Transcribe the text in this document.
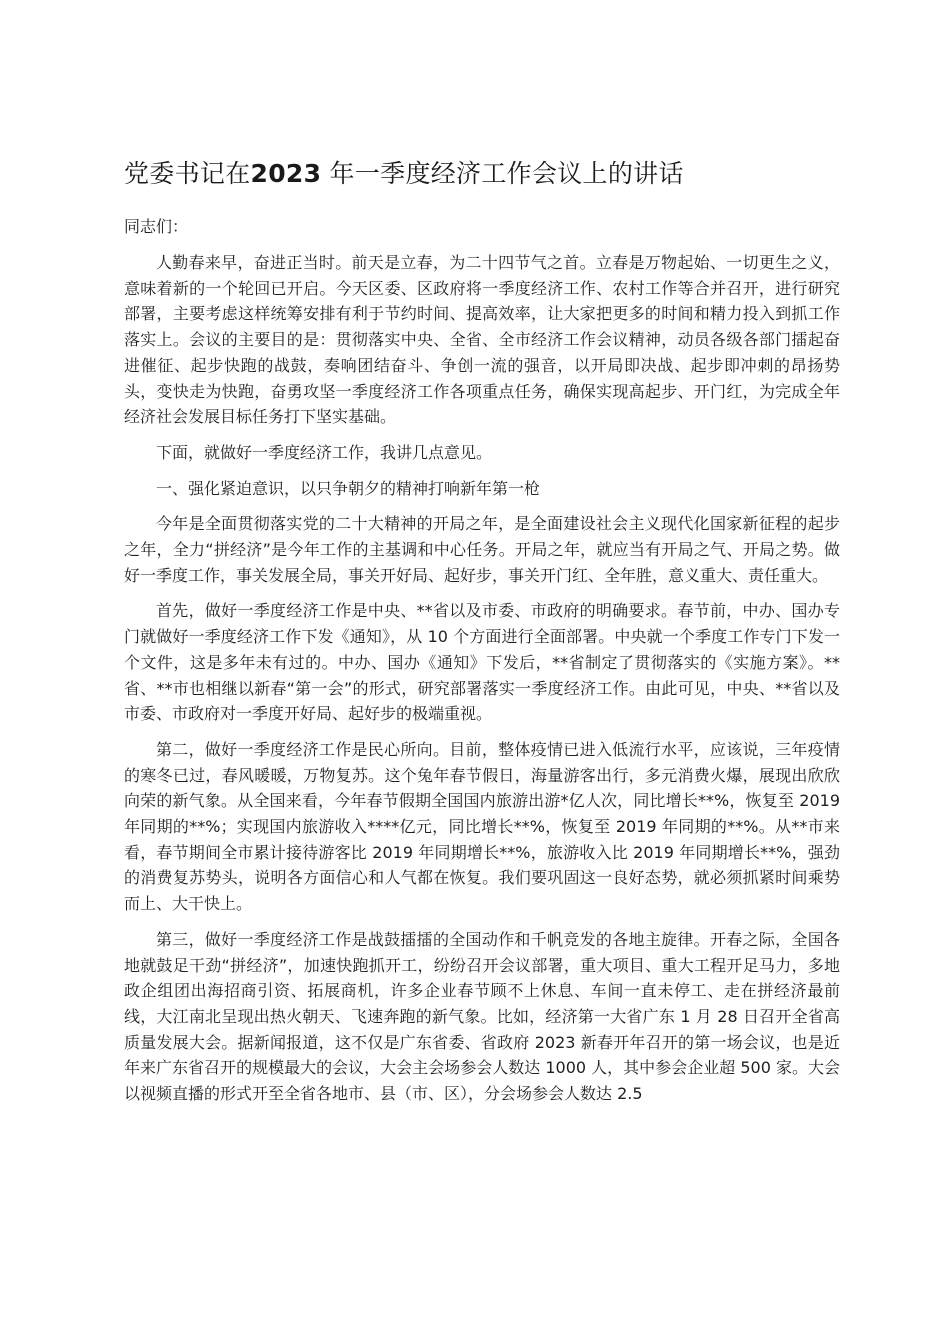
党委书记在2023 年一季度经济工作会议上的讲话

同志们：

人勤春来早，奋进正当时。前天是立春，为二十四节气之首。立春是万物起始、一切更生之义，意味着新的一个轮回已开启。今天区委、区政府将一季度经济工作、农村工作等合并召开，进行研究部署，主要考虑这样统筹安排有利于节约时间、提高效率，让大家把更多的时间和精力投入到抓工作落实上。会议的主要目的是：贯彻落实中央、全省、全市经济工作会议精神，动员各级各部门擂起奋进催征、起步快跑的战鼓，奏响团结奋斗、争创一流的强音，以开局即决战、起步即冲刺的昂扬势头，变快走为快跑，奋勇攻坚一季度经济工作各项重点任务，确保实现高起步、开门红，为完成全年经济社会发展目标任务打下坚实基础。

下面，就做好一季度经济工作，我讲几点意见。

一、强化紧迫意识，以只争朝夕的精神打响新年第一枪

今年是全面贯彻落实党的二十大精神的开局之年，是全面建设社会主义现代化国家新征程的起步之年，全力“拼经济”是今年工作的主基调和中心任务。开局之年，就应当有开局之气、开局之势。做好一季度工作，事关发展全局，事关开好局、起好步，事关开门红、全年胜，意义重大、责任重大。

首先，做好一季度经济工作是中央、**省以及市委、市政府的明确要求。春节前，中办、国办专门就做好一季度经济工作下发《通知》，从 10 个方面进行全面部署。中央就一个季度工作专门下发一个文件，这是多年未有过的。中办、国办《通知》下发后，**省制定了贯彻落实的《实施方案》。**省、**市也相继以新春“第一会”的形式，研究部署落实一季度经济工作。由此可见，中央、**省以及市委、市政府对一季度开好局、起好步的极端重视。

第二，做好一季度经济工作是民心所向。目前，整体疫情已进入低流行水平，应该说，三年疫情的寒冬已过，春风暖暖，万物复苏。这个兔年春节假日，海量游客出行，多元消费火爆，展现出欣欣向荣的新气象。从全国来看，今年春节假期全国国内旅游出游*亿人次，同比增长**%，恢复至 2019 年同期的**%；实现国内旅游收入****亿元，同比增长**%，恢复至 2019 年同期的**%。从**市来看，春节期间全市累计接待游客比 2019 年同期增长**%，旅游收入比 2019 年同期增长**%，强劲的消费复苏势头，说明各方面信心和人气都在恢复。我们要巩固这一良好态势，就必须抓紧时间乘势而上、大干快上。

第三，做好一季度经济工作是战鼓擂擂的全国动作和千帆竞发的各地主旋律。开春之际，全国各地就鼓足干劲“拼经济”，加速快跑抓开工，纷纷召开会议部署，重大项目、重大工程开足马力，多地政企组团出海招商引资、拓展商机，许多企业春节顾不上休息、车间一直未停工、走在拼经济最前线，大江南北呈现出热火朝天、飞速奔跑的新气象。比如，经济第一大省广东 1 月 28 日召开全省高质量发展大会。据新闻报道，这不仅是广东省委、省政府 2023 新春开年召开的第一场会议，也是近年来广东省召开的规模最大的会议，大会主会场参会人数达 1000 人，其中参会企业超 500 家。大会以视频直播的形式开至全省各地市、县（市、区），分会场参会人数达 2.5
